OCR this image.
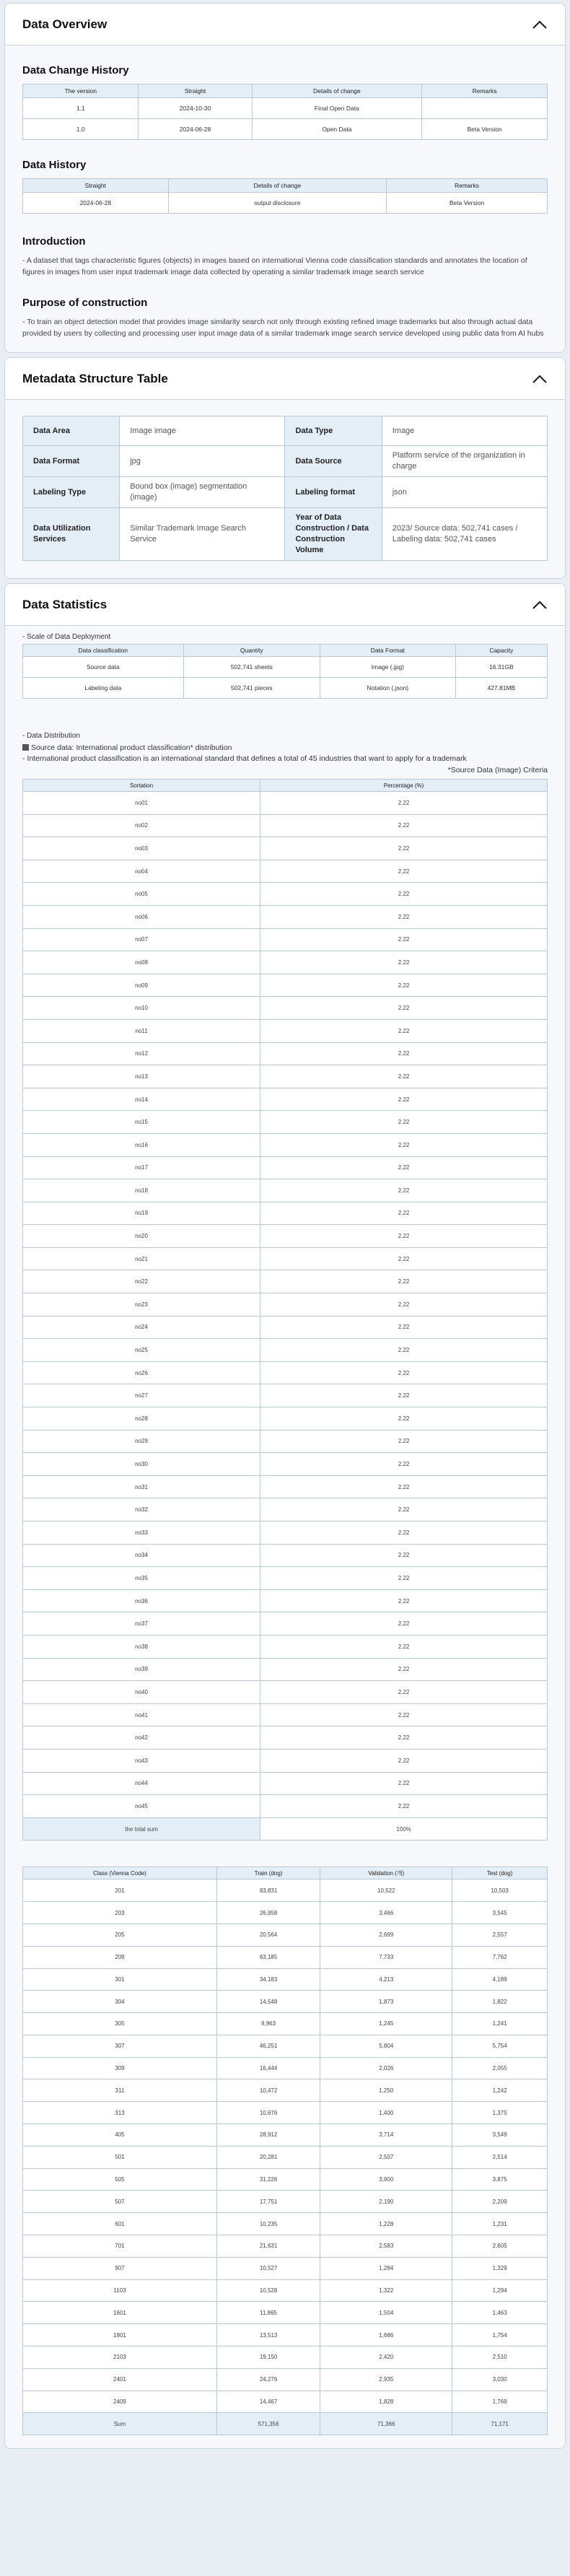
Data Overview
Data Change History
The version	Straight	Details of change	Remarks
1.1	2024-10-30	Final Open Data	
1.0	2024-06-28	Open Data	Beta Version
Data History
Straight	Details of change	Remarks
2024-06-28	output disclosure	Beta Version
Introduction

- A dataset that tags characteristic figures (objects) in images based on international Vienna code classification standards and annotates the location of figures in images from user input trademark image data collected by operating a similar trademark image search service

Purpose of construction

- To train an object detection model that provides image similarity search not only through existing refined image trademarks but also through actual data provided by users by collecting and processing user input image data of a similar trademark image search service developed using public data from AI hubs

Metadata Structure Table
Data Area	Image image	Data Type	Image
Data Format	jpg	Data Source	Platform service of the organization in charge
Labeling Type	Bound box (image) segmentation (image)	Labeling format	json
Data Utilization Services	Similar Trademark Image Search Service	Year of Data Construction / Data Construction Volume	2023/ Source data: 502,741 cases / Labeling data: 502,741 cases
Data Statistics
- Scale of Data Deployment
Data classification	Quantity	Data Format	Capacity
Source data	502,741 sheets	Image (.jpg)	16.31GB
Labeling data	502,741 pieces	Notation (.json)	427.81MB
- Data Distribution
Source data: International product classification* distribution
- International product classification is an international standard that defines a total of 45 industries that want to apply for a trademark
*Source Data (Image) Criteria
Sortation	Percentage (%)
no01	2.22
no02	2.22
no03	2.22
no04	2.22
no05	2.22
no06	2.22
no07	2.22
no08	2.22
no09	2.22
no10	2.22
no11	2.22
no12	2.22
no13	2.22
no14	2.22
no15	2.22
no16	2.22
no17	2.22
no18	2.22
no19	2.22
no20	2.22
no21	2.22
no22	2.22
no23	2.22
no24	2.22
no25	2.22
no26	2.22
no27	2.22
no28	2.22
no29	2.22
no30	2.22
no31	2.22
no32	2.22
no33	2.22
no34	2.22
no35	2.22
no36	2.22
no37	2.22
no38	2.22
no39	2.22
no40	2.22
no41	2.22
no42	2.22
no43	2.22
no44	2.22
no45	2.22
the total sum	100%
Class (Vienna Code)	Train (dog)	Validation (개)	Test (dog)
201	83,831	10,522	10,503
203	26,858	3,466	3,545
205	20,564	2,699	2,557
209	63,185	7,733	7,762
301	34,183	4,213	4,189
304	14,548	1,873	1,822
305	9,963	1,245	1,241
307	46,251	5,804	5,754
309	16,444	2,026	2,055
311	10,472	1,250	1,242
313	10,676	1,400	1,375
405	28,912	3,714	3,549
501	20,281	2,507	2,514
505	31,226	3,900	3,875
507	17,751	2,190	2,209
601	10,235	1,228	1,231
701	21,631	2,583	2,605
907	10,527	1,284	1,329
1103	10,528	1,322	1,294
1601	11,865	1,504	1,463
1801	13,513	1,686	1,754
2103	19,150	2,420	2,510
2401	24,276	2,935	3,030
2409	14,467	1,828	1,769
Sum	571,356	71,366	71,171
